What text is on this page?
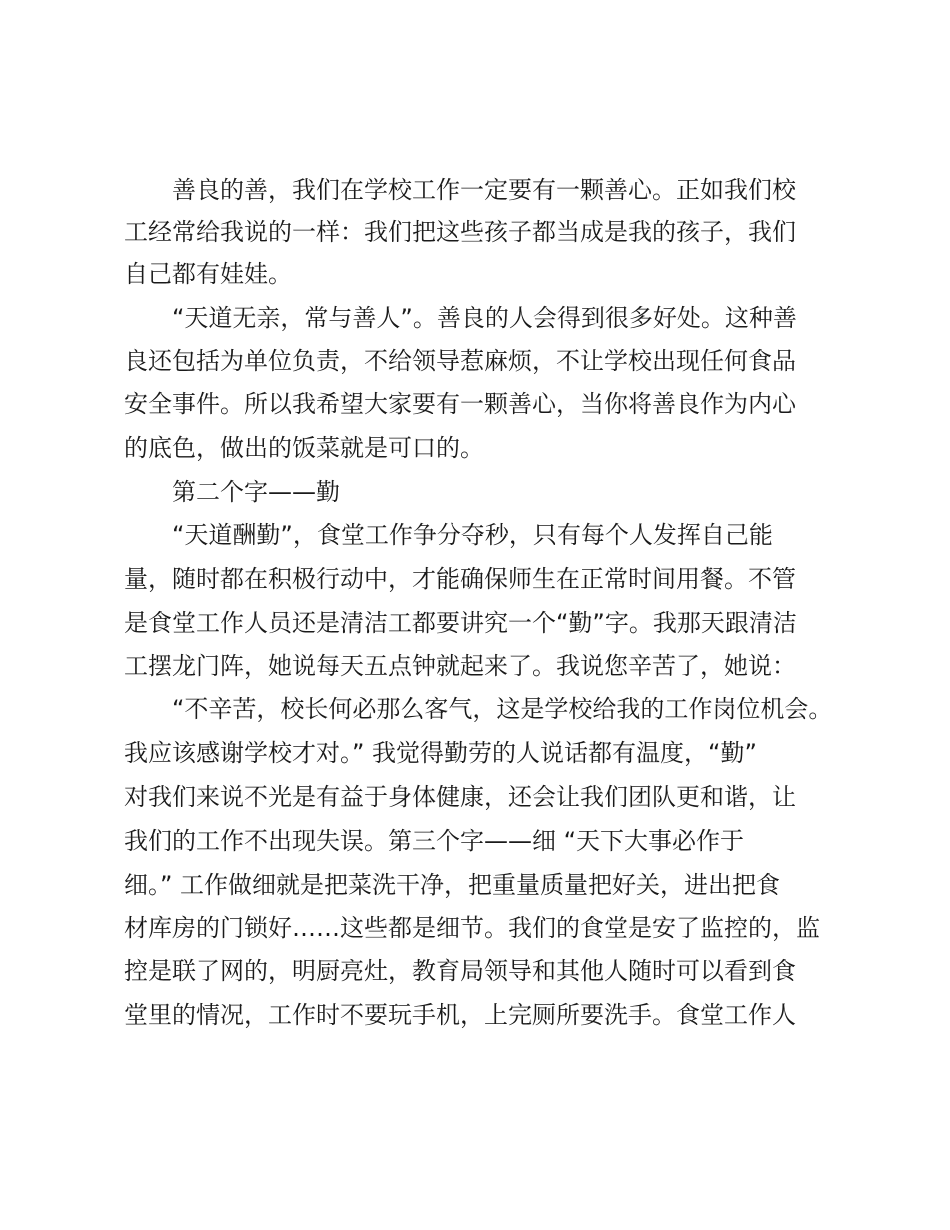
善良的善，我们在学校工作一定要有一颗善心。正如我们校
工经常给我说的一样：我们把这些孩子都当成是我的孩子，我们
自己都有娃娃。
“天道无亲，常与善人”。善良的人会得到很多好处。这种善
良还包括为单位负责，不给领导惹麻烦，不让学校出现任何食品
安全事件。所以我希望大家要有一颗善心，当你将善良作为内心
的底色，做出的饭菜就是可口的。
第二个字——勤
“天道酬勤”，食堂工作争分夺秒，只有每个人发挥自己能
量，随时都在积极行动中，才能确保师生在正常时间用餐。不管
是食堂工作人员还是清洁工都要讲究一个“勤”字。我那天跟清洁
工摆龙门阵，她说每天五点钟就起来了。我说您辛苦了，她说：
“不辛苦，校长何必那么客气，这是学校给我的工作岗位机会。
我应该感谢学校才对。” 我觉得勤劳的人说话都有温度，“勤”
对我们来说不光是有益于身体健康，还会让我们团队更和谐，让
我们的工作不出现失误。第三个字——细 “天下大事必作于
细。” 工作做细就是把菜洗干净，把重量质量把好关，进出把食
材库房的门锁好……这些都是细节。我们的食堂是安了监控的，监
控是联了网的，明厨亮灶，教育局领导和其他人随时可以看到食
堂里的情况，工作时不要玩手机，上完厕所要洗手。食堂工作人
